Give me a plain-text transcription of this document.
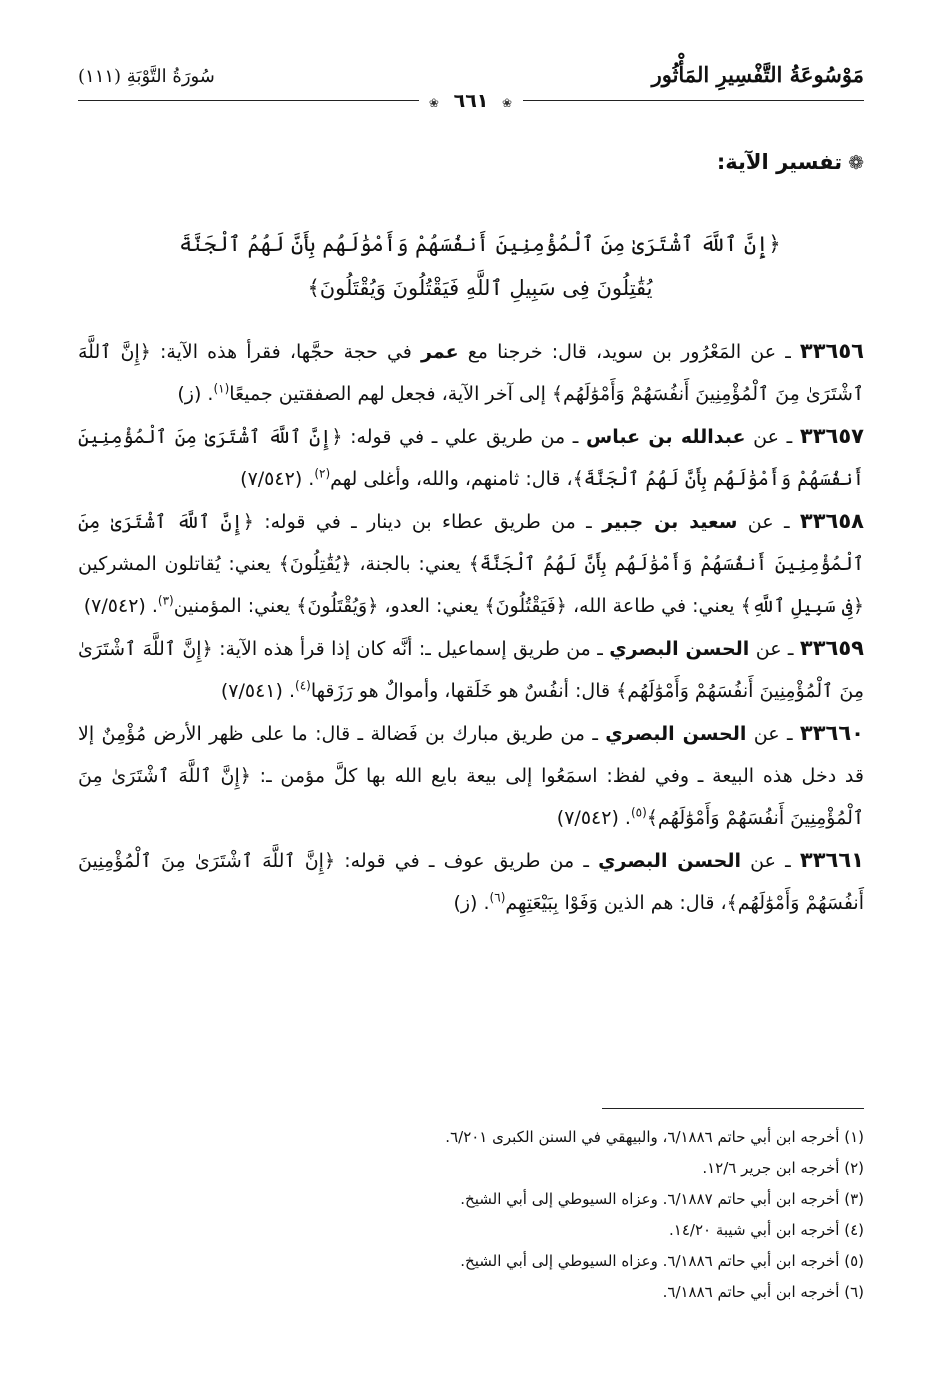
مَوْسُوعَةُ التَّفْسِيرِ المَأْثُور
سُورَةُ التَّوْبَةِ (١١١)
❀ ٦٦١ ❀
❁تفسير الآية:
﴿إِنَّ ٱللَّهَ ٱشْتَرَىٰ مِنَ ٱلْمُؤْمِنِينَ أَنفُسَهُمْ وَأَمْوَٰلَهُم بِأَنَّ لَهُمُ ٱلْجَنَّةَ
يُقَٰتِلُونَ فِى سَبِيلِ ٱللَّهِ فَيَقْتُلُونَ وَيُقْتَلُونَ﴾

٣٣٦٥٦ ـ عن المَعْرُور بن سويد، قال: خرجنا مع عمر في حجة حجَّها، فقرأ هذه الآية: ﴿إِنَّ ٱللَّهَ ٱشْتَرَىٰ مِنَ ٱلْمُؤْمِنِينَ أَنفُسَهُمْ وَأَمْوَٰلَهُم﴾ إلى آخر الآية، فجعل لهم الصفقتين جميعًا$^{(١)}$. (ز)

٣٣٦٥٧ ـ عن عبدالله بن عباس ـ من طريق علي ـ في قوله: ﴿إِنَّ ٱللَّهَ ٱشْتَرَىٰ مِنَ ٱلْمُؤْمِنِينَ أَنفُسَهُمْ وَأَمْوَٰلَهُم بِأَنَّ لَهُمُ ٱلْجَنَّةَ﴾، قال: ثامنهم، والله، وأغلى لهم$^{(٢)}$. (٧/٥٤٢)

٣٣٦٥٨ ـ عن سعيد بن جبير ـ من طريق عطاء بن دينار ـ في قوله: ﴿إِنَّ ٱللَّهَ ٱشْتَرَىٰ مِنَ ٱلْمُؤْمِنِينَ أَنفُسَهُمْ وَأَمْوَٰلَهُم بِأَنَّ لَهُمُ ٱلْجَنَّةَ﴾ يعني: بالجنة، ﴿يُقَٰتِلُونَ﴾ يعني: يُقاتلون المشركين ﴿فِى سَبِيلِ ٱللَّهِ﴾ يعني: في طاعة الله، ﴿فَيَقْتُلُونَ﴾ يعني: العدو، ﴿وَيُقْتَلُونَ﴾ يعني: المؤمنين$^{(٣)}$. (٧/٥٤٢)

٣٣٦٥٩ ـ عن الحسن البصري ـ من طريق إسماعيل ـ: أنَّه كان إذا قرأ هذه الآية: ﴿إِنَّ ٱللَّهَ ٱشْتَرَىٰ مِنَ ٱلْمُؤْمِنِينَ أَنفُسَهُمْ وَأَمْوَٰلَهُم﴾ قال: أنفُسٌ هو خَلَقها، وأموالٌ هو رَزَقها$^{(٤)}$. (٧/٥٤١)

٣٣٦٦٠ ـ عن الحسن البصري ـ من طريق مبارك بن فَضالة ـ قال: ما على ظهر الأرض مُؤْمِنٌ إلا قد دخل هذه البيعة ـ وفي لفظ: اسمَعُوا إلى بيعة بايع الله بها كلَّ مؤمن ـ: ﴿إِنَّ ٱللَّهَ ٱشْتَرَىٰ مِنَ ٱلْمُؤْمِنِينَ أَنفُسَهُمْ وَأَمْوَٰلَهُم﴾$^{(٥)}$. (٧/٥٤٢)

٣٣٦٦١ ـ عن الحسن البصري ـ من طريق عوف ـ في قوله: ﴿إِنَّ ٱللَّهَ ٱشْتَرَىٰ مِنَ ٱلْمُؤْمِنِينَ أَنفُسَهُمْ وَأَمْوَٰلَهُم﴾، قال: هم الذين وَفَوْا بِبَيْعَتِهِم$^{(٦)}$. (ز)

(١) أخرجه ابن أبي حاتم ٦/١٨٨٦، والبيهقي في السنن الكبرى ٦/٢٠١.
(٢) أخرجه ابن جرير ١٢/٦.
(٣) أخرجه ابن أبي حاتم ٦/١٨٨٧. وعزاه السيوطي إلى أبي الشيخ.
(٤) أخرجه ابن أبي شيبة ١٤/٢٠.
(٥) أخرجه ابن أبي حاتم ٦/١٨٨٦. وعزاه السيوطي إلى أبي الشيخ.
(٦) أخرجه ابن أبي حاتم ٦/١٨٨٦.
